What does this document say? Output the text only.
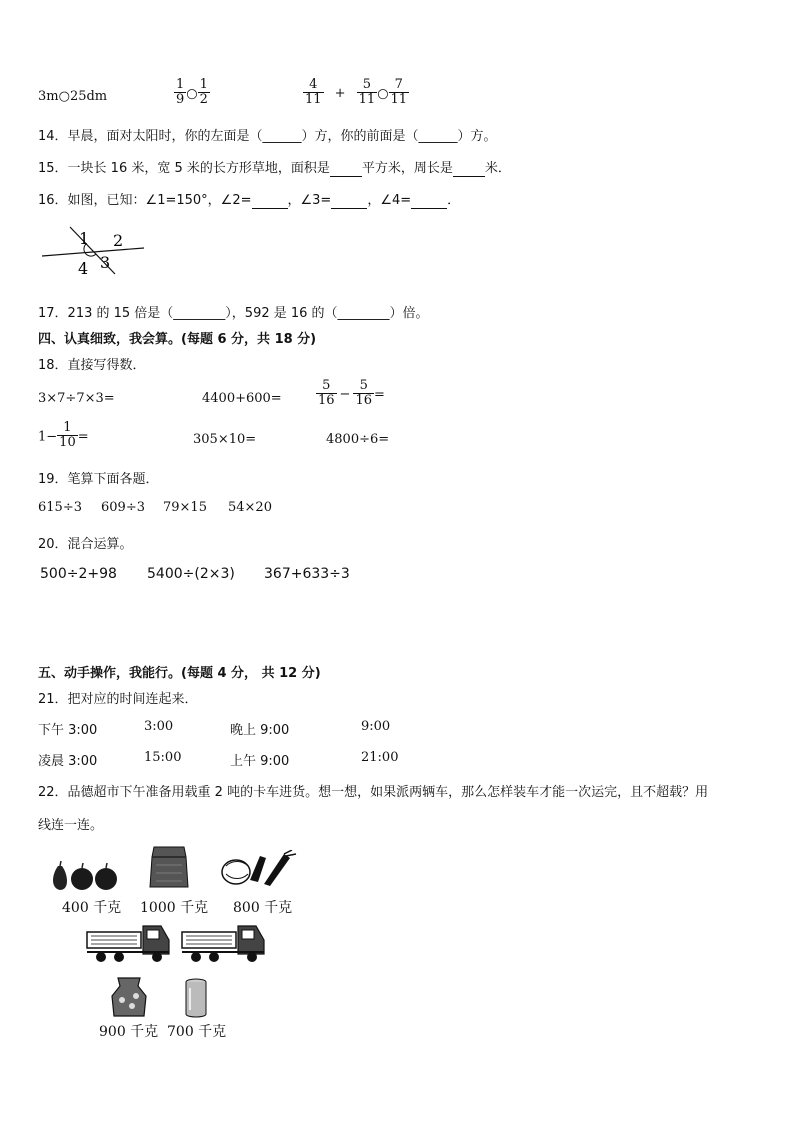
3m○25dm	$\frac{1}{9}$ ○ $\frac{1}{2}$	$\frac{4}{11} + \frac{5}{11}$ ○ $\frac{7}{11}$
14．早晨，面对太阳时，你的左面是（______）方，你的前面是（______）方。
15．一块长 16 米，宽 5 米的长方形草地，面积是 平方米，周长是 米．
16．如图，已知：∠1=150°，∠2=	，∠3=	，∠4=	．
1 2
3
4
17．213 的 15 倍是（________），592 是 16 的（________）倍。
四、认真细致，我会算。(每题 6 分，共 18 分)
18．直接写得数．
3×7÷7×3=	4400+600=	$\frac{5}{16} - \frac{5}{16}$ =
$1- \frac{1}{10}$ =	305×10=	4800÷6=
19．笔算下面各题．
615÷3 609÷3 79×15 54×20
20．混合运算。
500÷2+98 5400÷(2×3) 367+633÷3
五、动手操作，我能行。(每题 4 分， 共 12 分)
21．把对应的时间连起来．
下午 3:00	3:00	晚上 9:00	9:00
凌晨 3:00	15:00	上午 9:00	21:00
22．品德超市下午准备用载重 2 吨的卡车进货。想一想，如果派两辆车，那么怎样装车才能一次运完，且不超载？用
线连一连。
400 千克 1000 千克 800 千克
900 千克 700 千克
